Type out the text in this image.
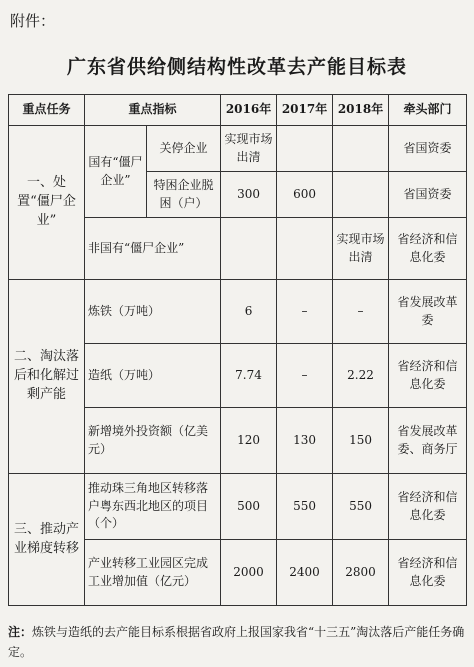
附件：
广东省供给侧结构性改革去产能目标表
重点任务	重点指标		2016年	2017年	2018年	牵头部门
一、处置“僵尸企业”	国有“僵尸企业”	关停企业	实现市场出清			省国资委
		特困企业脱困（户）	300	600		省国资委
	非国有“僵尸企业”				实现市场出清	省经济和信息化委
二、淘汰落后和化解过剩产能	炼铁（万吨）		6	–	–	省发展改革委
	造纸（万吨）		7.74	–	2.22	省经济和信息化委
	新增境外投资额（亿美元）		120	130	150	省发展改革委、商务厅
三、推动产业梯度转移	推动珠三角地区转移落户粤东西北地区的项目（个）		500	550	550	省经济和信息化委
	产业转移工业园区完成工业增加值（亿元）		2000	2400	2800	省经济和信息化委
注：炼铁与造纸的去产能目标系根据省政府上报国家我省“十三五”淘汰落后产能任务确定。
